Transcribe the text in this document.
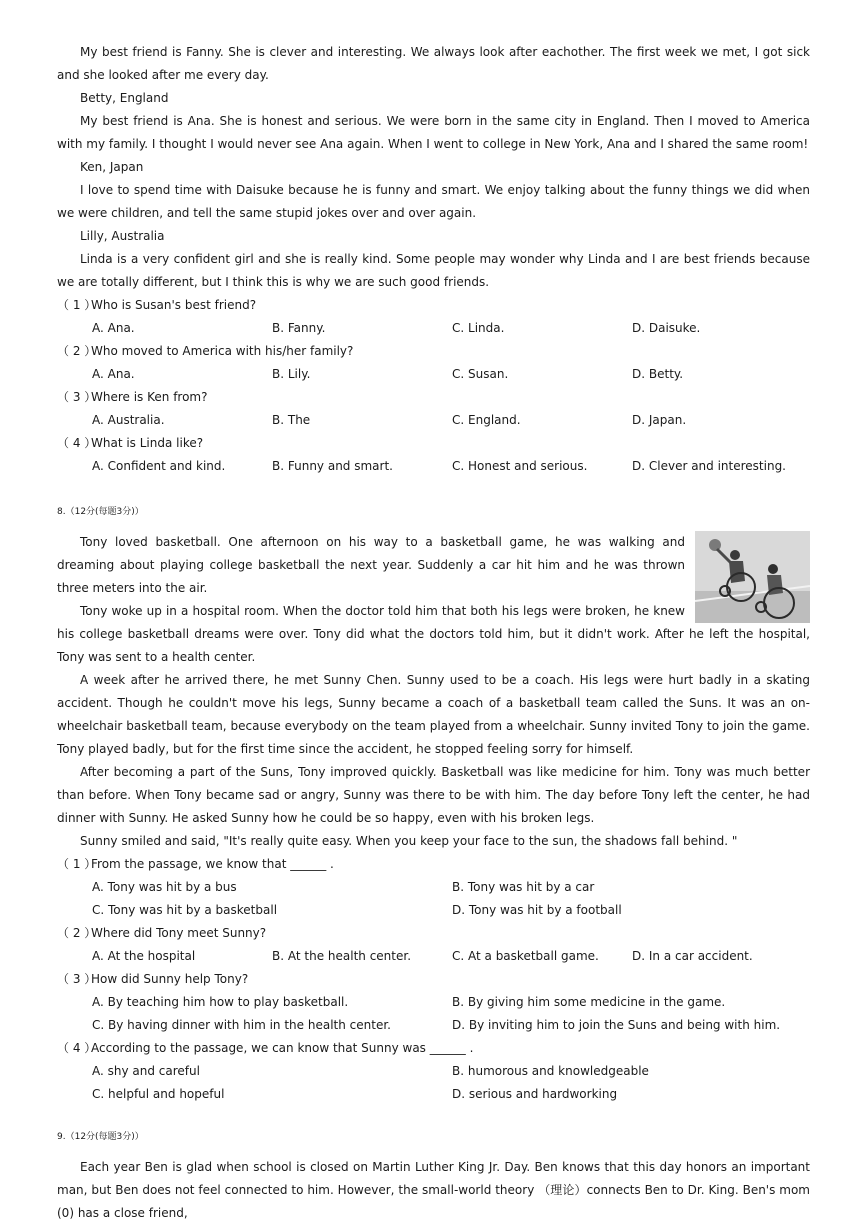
My best friend is Fanny. She is clever and interesting. We always look after eachother. The first week we met, I got sick and she looked after me every day.

Betty, England

My best friend is Ana. She is honest and serious. We were born in the same city in England. Then I moved to America with my family. I thought I would never see Ana again. When I went to college in New York, Ana and I shared the same room!

Ken, Japan

I love to spend time with Daisuke because he is funny and smart. We enjoy talking about the funny things we did when we were children, and tell the same stupid jokes over and over again.

Lilly, Australia

Linda is a very confident girl and she is really kind. Some people may wonder why Linda and I are best friends because we are totally different, but I think this is why we are such good friends.

（ 1 ）
Who is Susan's best friend?
A. Ana.	B. Fanny.	C. Linda.	D. Daisuke.
（ 2 ）
Who moved to America with his/her family?
A. Ana.	B. Lily.	C. Susan.	D. Betty.
（ 3 ）
Where is Ken from?
A. Australia.	B. The	C. England.	D. Japan.
（ 4 ）
What is Linda like?
A. Confident and kind.	B. Funny and smart.	C. Honest and serious.	D. Clever and interesting.

8.（12分(每题3分)）

Tony loved basketball. One afternoon on his way to a basketball game, he was walking and dreaming about playing college basketball the next year. Suddenly a car hit him and he was thrown three meters into the air.

Tony woke up in a hospital room. When the doctor told him that both his legs were broken, he knew his college basketball dreams were over. Tony did what the doctors told him, but it didn't work. After he left the hospital, Tony was sent to a health center.

A week after he arrived there, he met Sunny Chen. Sunny used to be a coach. His legs were hurt badly in a skating accident. Though he couldn't move his legs, Sunny became a coach of a basketball team called the Suns. It was an on-wheelchair basketball team, because everybody on the team played from a wheelchair. Sunny invited Tony to join the game. Tony played badly, but for the first time since the accident, he stopped feeling sorry for himself.

After becoming a part of the Suns, Tony improved quickly. Basketball was like medicine for him. Tony was much better than before. When Tony became sad or angry, Sunny was there to be with him. The day before Tony left the center, he had dinner with Sunny. He asked Sunny how he could be so happy, even with his broken legs.

Sunny smiled and said, "It's really quite easy. When you keep your face to the sun, the shadows fall behind. "

（ 1 ）
From the passage, we know that ______ .
A. Tony was hit by a bus	B. Tony was hit by a car
C. Tony was hit by a basketball	D. Tony was hit by a football
（ 2 ）
Where did Tony meet Sunny?
A. At the hospital	B. At the health center.	C. At a basketball game.	D. In a car accident.
（ 3 ）
How did Sunny help Tony?
A. By teaching him how to play basketball.	B. By giving him some medicine in the game.
C. By having dinner with him in the health center.	D. By inviting him to join the Suns and being with him.
（ 4 ）
According to the passage, we can know that Sunny was ______ .
A. shy and careful	B. humorous and knowledgeable
C. helpful and hopeful	D. serious and hardworking

9.（12分(每题3分)）

Each year Ben is glad when school is closed on Martin Luther King Jr. Day. Ben knows that this day honors an important man, but Ben does not feel connected to him. However, the small-world theory （理论）connects Ben to Dr. King. Ben's mom (0) has a close friend,
